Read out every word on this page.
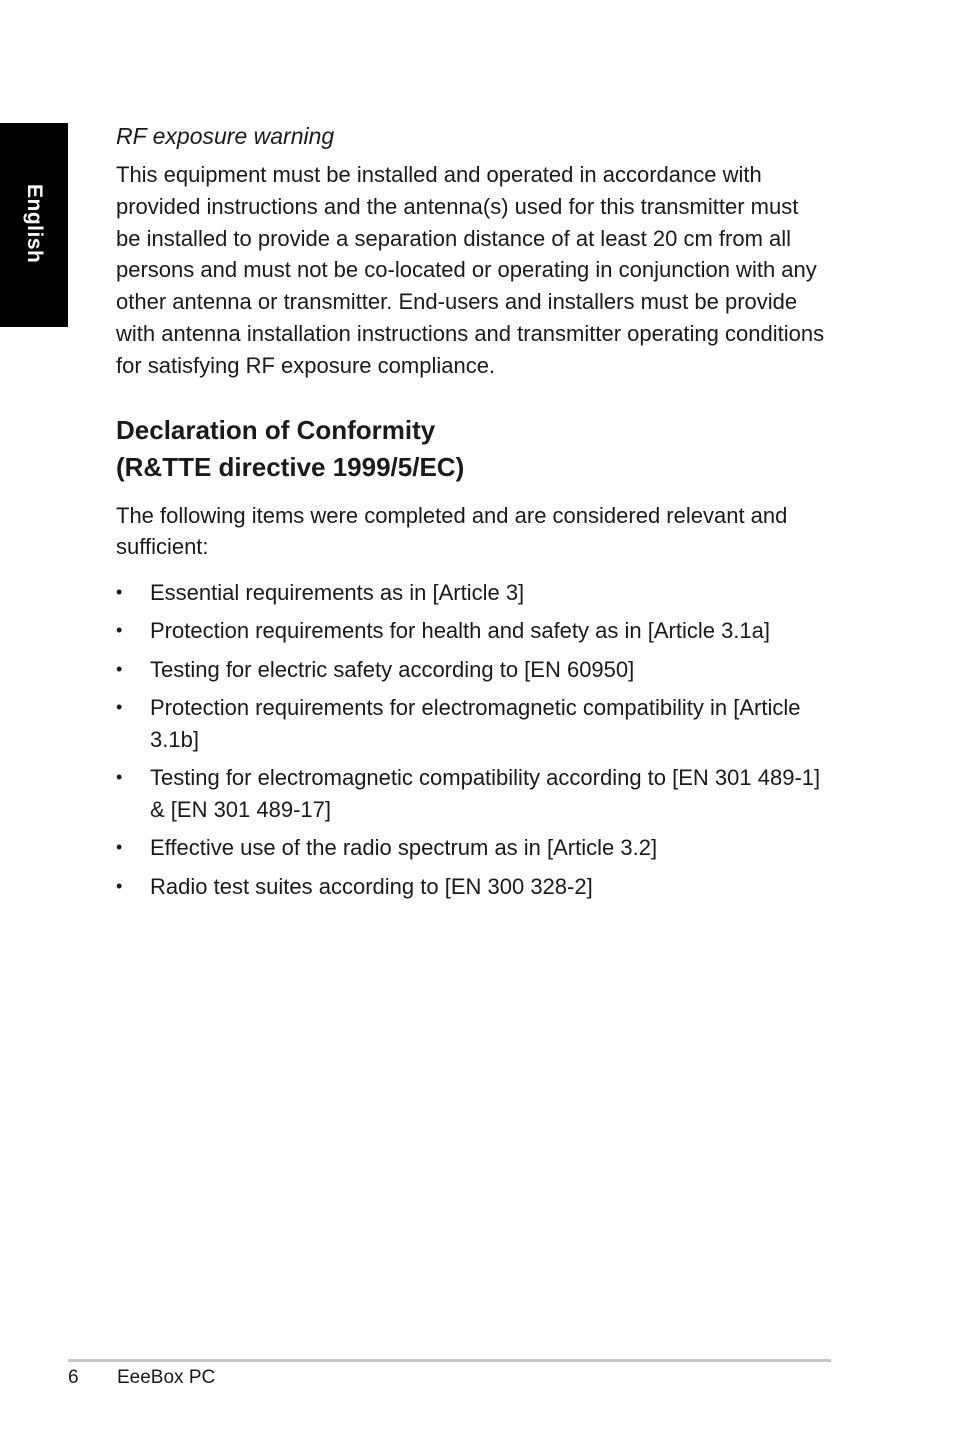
English

RF exposure warning

This equipment must be installed and operated in accordance with provided instructions and the antenna(s) used for this transmitter must be installed to provide a separation distance of at least 20 cm from all persons and must not be co-located or operating in conjunction with any other antenna or transmitter. End-users and installers must be provide with antenna installation instructions and transmitter operating conditions for satisfying RF exposure compliance.

Declaration of Conformity
(R&TTE directive 1999/5/EC)

The following items were completed and are considered relevant and sufficient:

• Essential requirements as in [Article 3]
• Protection requirements for health and safety as in [Article 3.1a]
• Testing for electric safety according to [EN 60950]
• Protection requirements for electromagnetic compatibility in [Article 3.1b]
• Testing for electromagnetic compatibility according to [EN 301 489-1] & [EN 301 489-17]
• Effective use of the radio spectrum as in [Article 3.2]
• Radio test suites according to [EN 300 328-2]
6 EeeBox PC
